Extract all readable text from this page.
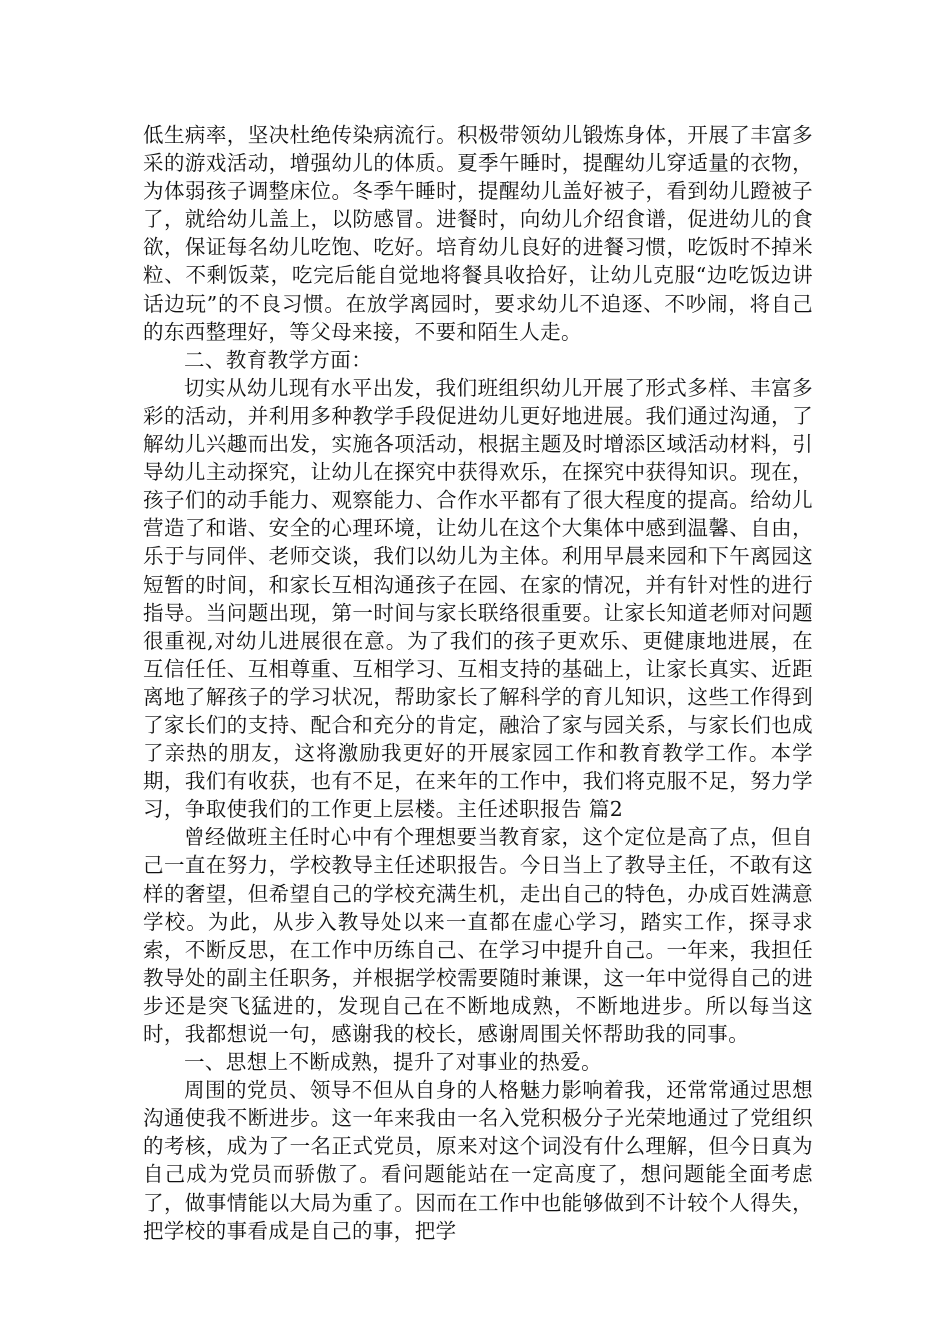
低生病率，坚决杜绝传染病流行。积极带领幼儿锻炼身体，开展了丰富多采的游戏活动，增强幼儿的体质。夏季午睡时，提醒幼儿穿适量的衣物，为体弱孩子调整床位。冬季午睡时，提醒幼儿盖好被子，看到幼儿蹬被子了，就给幼儿盖上，以防感冒。进餐时，向幼儿介绍食谱，促进幼儿的食欲，保证每名幼儿吃饱、吃好。培育幼儿良好的进餐习惯，吃饭时不掉米粒、不剩饭菜，吃完后能自觉地将餐具收拾好，让幼儿克服“边吃饭边讲话边玩”的不良习惯。在放学离园时，要求幼儿不追逐、不吵闹，将自己的东西整理好，等父母来接，不要和陌生人走。

二、教育教学方面：

切实从幼儿现有水平出发，我们班组织幼儿开展了形式多样、丰富多彩的活动，并利用多种教学手段促进幼儿更好地进展。我们通过沟通，了解幼儿兴趣而出发，实施各项活动，根据主题及时增添区域活动材料，引导幼儿主动探究，让幼儿在探究中获得欢乐，在探究中获得知识。现在，孩子们的动手能力、观察能力、合作水平都有了很大程度的提高。给幼儿营造了和谐、安全的心理环境，让幼儿在这个大集体中感到温馨、自由，乐于与同伴、老师交谈，我们以幼儿为主体。利用早晨来园和下午离园这短暂的时间，和家长互相沟通孩子在园、在家的情况，并有针对性的进行指导。当问题出现，第一时间与家长联络很重要。让家长知道老师对问题很重视,对幼儿进展很在意。为了我们的孩子更欢乐、更健康地进展，在互信任任、互相尊重、互相学习、互相支持的基础上，让家长真实、近距离地了解孩子的学习状况，帮助家长了解科学的育儿知识，这些工作得到了家长们的支持、配合和充分的肯定，融洽了家与园关系，与家长们也成了亲热的朋友，这将激励我更好的开展家园工作和教育教学工作。本学期，我们有收获，也有不足，在来年的工作中，我们将克服不足，努力学习，争取使我们的工作更上层楼。主任述职报告 篇2

曾经做班主任时心中有个理想要当教育家，这个定位是高了点，但自己一直在努力，学校教导主任述职报告。今日当上了教导主任，不敢有这样的奢望，但希望自己的学校充满生机，走出自己的特色，办成百姓满意学校。为此，从步入教导处以来一直都在虚心学习，踏实工作，探寻求索，不断反思，在工作中历练自己、在学习中提升自己。一年来，我担任教导处的副主任职务，并根据学校需要随时兼课，这一年中觉得自己的进步还是突飞猛进的，发现自己在不断地成熟，不断地进步。所以每当这时，我都想说一句，感谢我的校长，感谢周围关怀帮助我的同事。

一、思想上不断成熟，提升了对事业的热爱。

周围的党员、领导不但从自身的人格魅力影响着我，还常常通过思想沟通使我不断进步。这一年来我由一名入党积极分子光荣地通过了党组织的考核，成为了一名正式党员，原来对这个词没有什么理解，但今日真为自己成为党员而骄傲了。看问题能站在一定高度了，想问题能全面考虑了，做事情能以大局为重了。因而在工作中也能够做到不计较个人得失，把学校的事看成是自己的事，把学
